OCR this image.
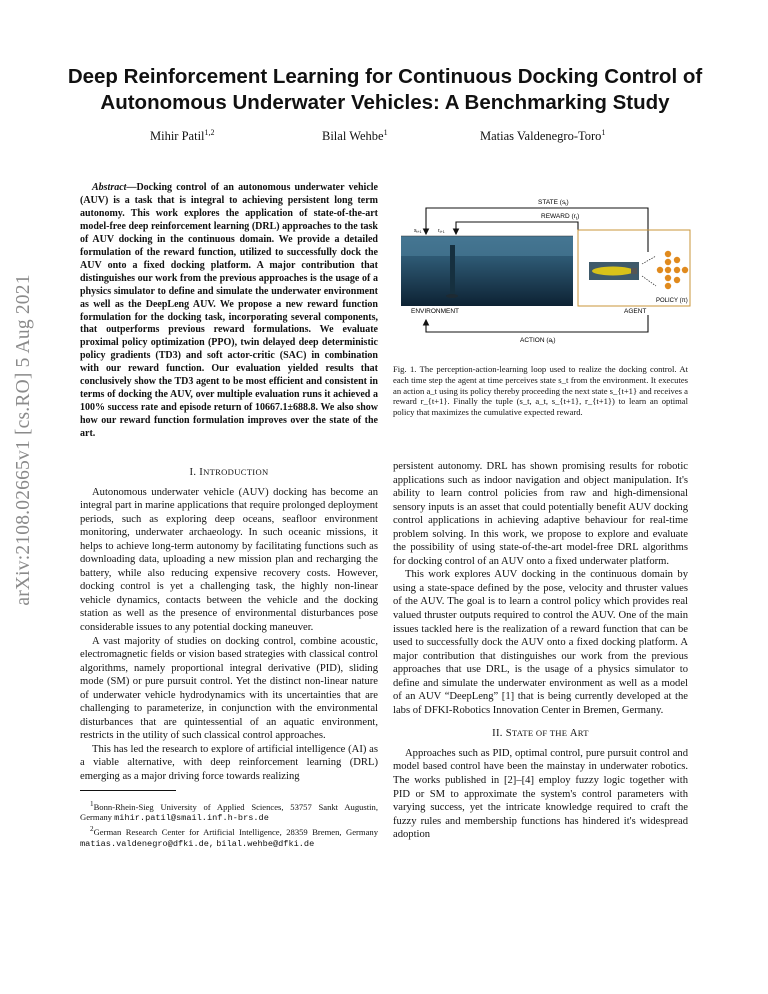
arXiv:2108.02665v1 [cs.RO] 5 Aug 2021
Deep Reinforcement Learning for Continuous Docking Control of Autonomous Underwater Vehicles: A Benchmarking Study
Mihir Patil$^{1,2}$	Bilal Wehbe$^1$	Matias Valdenegro-Toro$^1$

Abstract—Docking control of an autonomous underwater vehicle (AUV) is a task that is integral to achieving persistent long term autonomy. This work explores the application of state-of-the-art model-free deep reinforcement learning (DRL) approaches to the task of AUV docking in the continuous domain. We provide a detailed formulation of the reward function, utilized to successfully dock the AUV onto a fixed docking platform. A major contribution that distinguishes our work from the previous approaches is the usage of a physics simulator to define and simulate the underwater environment as well as the DeepLeng AUV. We propose a new reward function formulation for the docking task, incorporating several components, that outperforms previous reward formulations. We evaluate proximal policy optimization (PPO), twin delayed deep deterministic policy gradients (TD3) and soft actor-critic (SAC) in combination with our reward function. Our evaluation yielded results that conclusively show the TD3 agent to be most efficient and consistent in terms of docking the AUV, over multiple evaluation runs it achieved a 100% success rate and episode return of 10667.1±688.8. We also show how our reward function formulation improves over the state of the art.

I. INTRODUCTION

Autonomous underwater vehicle (AUV) docking has become an integral part in marine applications that require prolonged deployment periods, such as exploring deep oceans, seafloor environment monitoring, underwater archaeology. In such oceanic missions, it helps to achieve long-term autonomy by facilitating functions such as downloading data, uploading a new mission plan and recharging the battery, while also reducing expensive recovery costs. However, docking control is yet a challenging task, the highly non-linear vehicle dynamics, contacts between the vehicle and the docking station as well as the presence of environmental disturbances pose considerable issues to any potential docking maneuver.

A vast majority of studies on docking control, combine acoustic, electromagnetic fields or vision based strategies with classical control algorithms, namely proportional integral derivative (PID), sliding mode (SM) or pure pursuit control. Yet the distinct non-linear nature of underwater vehicle hydrodynamics with its uncertainties that are challenging to parameterize, in conjunction with the environmental disturbances that are quintessential of an aquatic environment, restricts in the utility of such classical control approaches.

This has led the research to explore of artificial intelligence (AI) as a viable alternative, with deep reinforcement learning (DRL) emerging as a major driving force towards realizing

$^1$Bonn-Rhein-Sieg University of Applied Sciences, 53757 Sankt Augustin, Germany mihir.patil@smail.inf.h-brs.de
$^2$German Research Center for Artificial Intelligence, 28359 Bremen, Germany matias.valdenegro@dfki.de, bilal.wehbe@dfki.de
STATE $(s_t)$
REWARD $(r_t)$
$s_{t+1}$	$r_{t+1}$
ENVIRONMENT
POLICY (π)
AGENT
ACTION $(a_t)$
Fig. 1. The perception-action-learning loop used to realize the docking control. At each time step the agent at time perceives state s_t from the environment. It executes an action a_t using its policy thereby proceeding the next state s_{t+1} and receives a reward r_{t+1}. Finally the tuple (s_t, a_t, s_{t+1}, r_{t+1}) to learn an optimal policy that maximizes the cumulative expected reward.

persistent autonomy. DRL has shown promising results for robotic applications such as indoor navigation and object manipulation. It's ability to learn control policies from raw and high-dimensional sensory inputs is an asset that could potentially benefit AUV docking control applications in achieving adaptive behaviour for real-time problem solving. In this work, we propose to explore and evaluate the possibility of using state-of-the-art model-free DRL algorithms for docking control of an AUV onto a fixed underwater platform.

This work explores AUV docking in the continuous domain by using a state-space defined by the pose, velocity and thruster values of the AUV. The goal is to learn a control policy which provides real valued thruster outputs required to control the AUV. One of the main issues tackled here is the realization of a reward function that can be used to successfully dock the AUV onto a fixed docking platform. A major contribution that distinguishes our work from the previous approaches that use DRL, is the usage of a physics simulator to define and simulate the underwater environment as well as a model of an AUV “DeepLeng” [1] that is being currently developed at the labs of DFKI-Robotics Innovation Center in Bremen, Germany.

II. STATE OF THE ART

Approaches such as PID, optimal control, pure pursuit control and model based control have been the mainstay in underwater robotics. The works published in [2]–[4] employ fuzzy logic together with PID or SM to approximate the system's control parameters with varying success, yet the intricate knowledge required to craft the fuzzy rules and membership functions has hindered it's widespread adoption
